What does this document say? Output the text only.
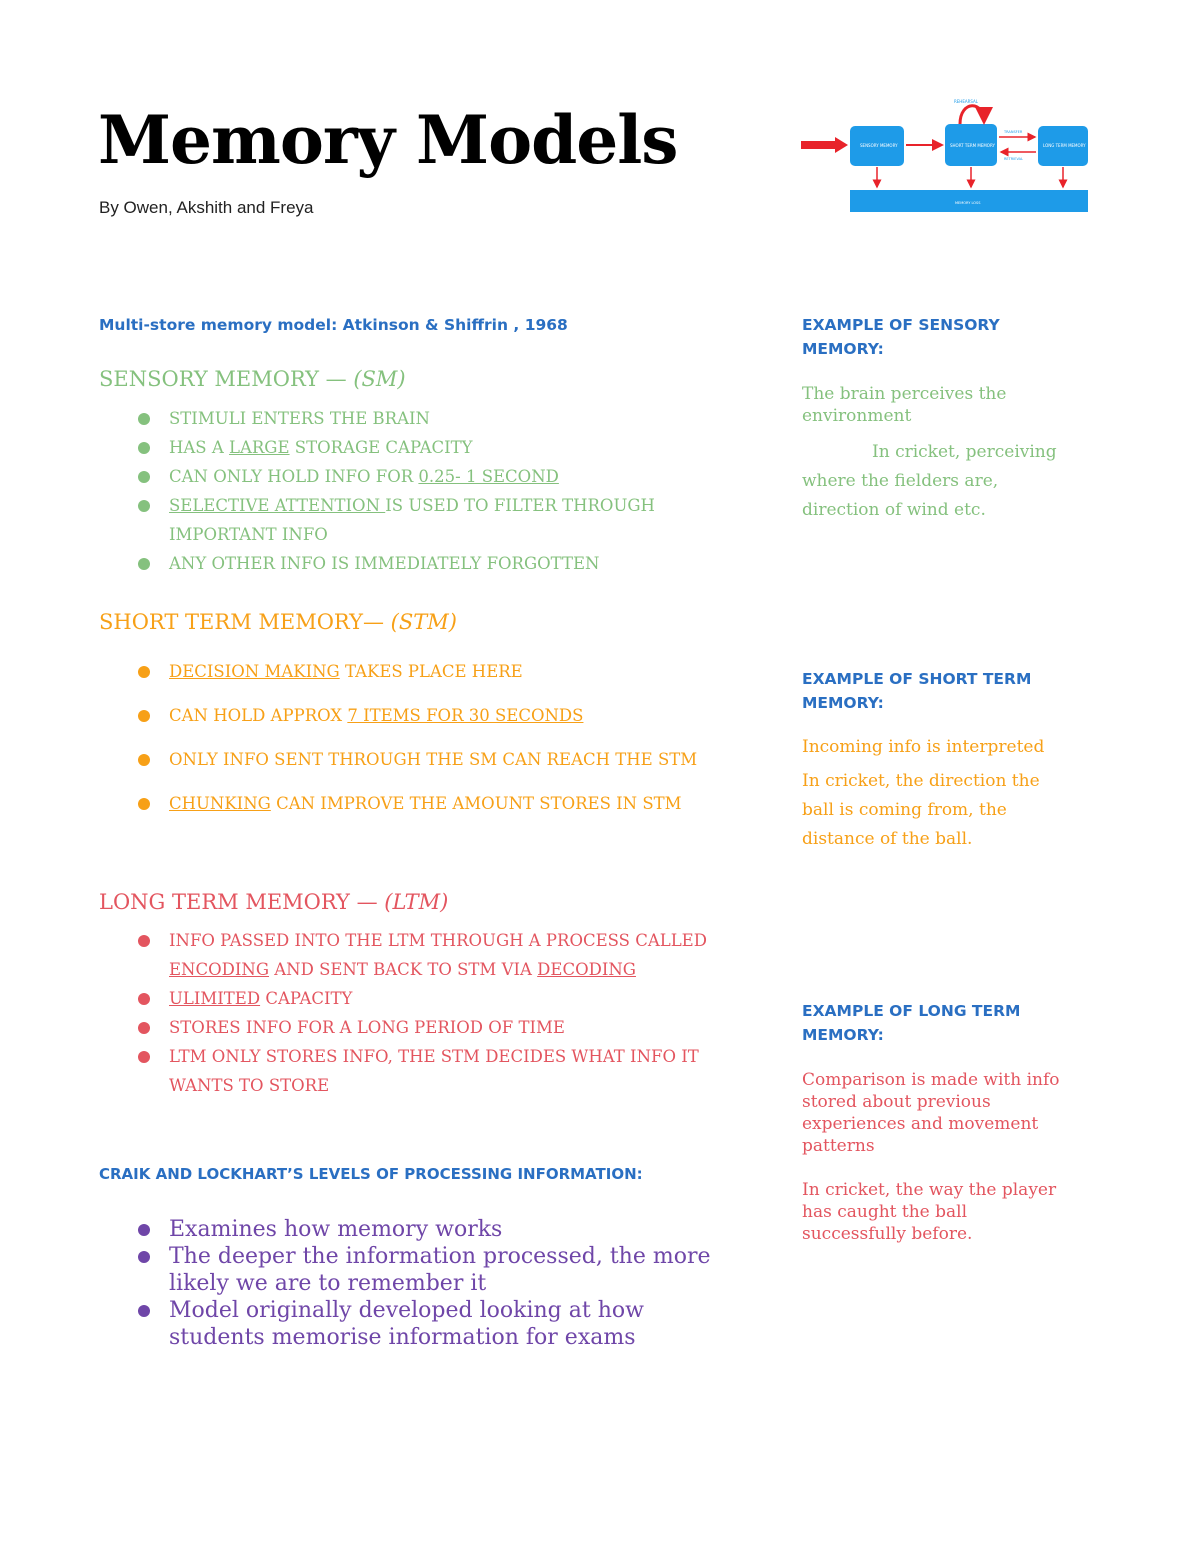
Memory Models
By Owen, Akshith and Freya
ENVIRONMENTAL INPUT
SENSORY MEMORY	SHORT TERM MEMORY	LONG TERM MEMORY
REHEARSAL
TRANSFER
RETRIEVAL
MEMORY LOSS
Multi-store memory model: Atkinson & Shiffrin , 1968
SENSORY MEMORY — (SM)
STIMULI ENTERS THE BRAIN
HAS A LARGE STORAGE CAPACITY
CAN ONLY HOLD INFO FOR 0.25- 1 SECOND
SELECTIVE ATTENTION IS USED TO FILTER THROUGH IMPORTANT INFO
ANY OTHER INFO IS IMMEDIATELY FORGOTTEN
SHORT TERM MEMORY— (STM)
DECISION MAKING TAKES PLACE HERE
CAN HOLD APPROX 7 ITEMS FOR 30 SECONDS
ONLY INFO SENT THROUGH THE SM CAN REACH THE STM
CHUNKING CAN IMPROVE THE AMOUNT STORES IN STM
LONG TERM MEMORY — (LTM)
INFO PASSED INTO THE LTM THROUGH A PROCESS CALLED
ENCODING AND SENT BACK TO STM VIA DECODING
ULIMITED CAPACITY
STORES INFO FOR A LONG PERIOD OF TIME
LTM ONLY STORES INFO, THE STM DECIDES WHAT INFO IT WANTS TO STORE
CRAIK AND LOCKHART’S LEVELS OF PROCESSING INFORMATION:
Examines how memory works
The deeper the information processed, the more likely we are to remember it
Model originally developed looking at how students memorise information for exams
EXAMPLE OF SENSORY MEMORY:
The brain perceives the environment
In cricket, perceiving where the fielders are, direction of wind etc.
EXAMPLE OF SHORT TERM MEMORY:
Incoming info is interpreted
In cricket, the direction the ball is coming from, the distance of the ball.
EXAMPLE OF LONG TERM MEMORY:
Comparison is made with info stored about previous experiences and movement patterns
In cricket, the way the player has caught the ball successfully before.
